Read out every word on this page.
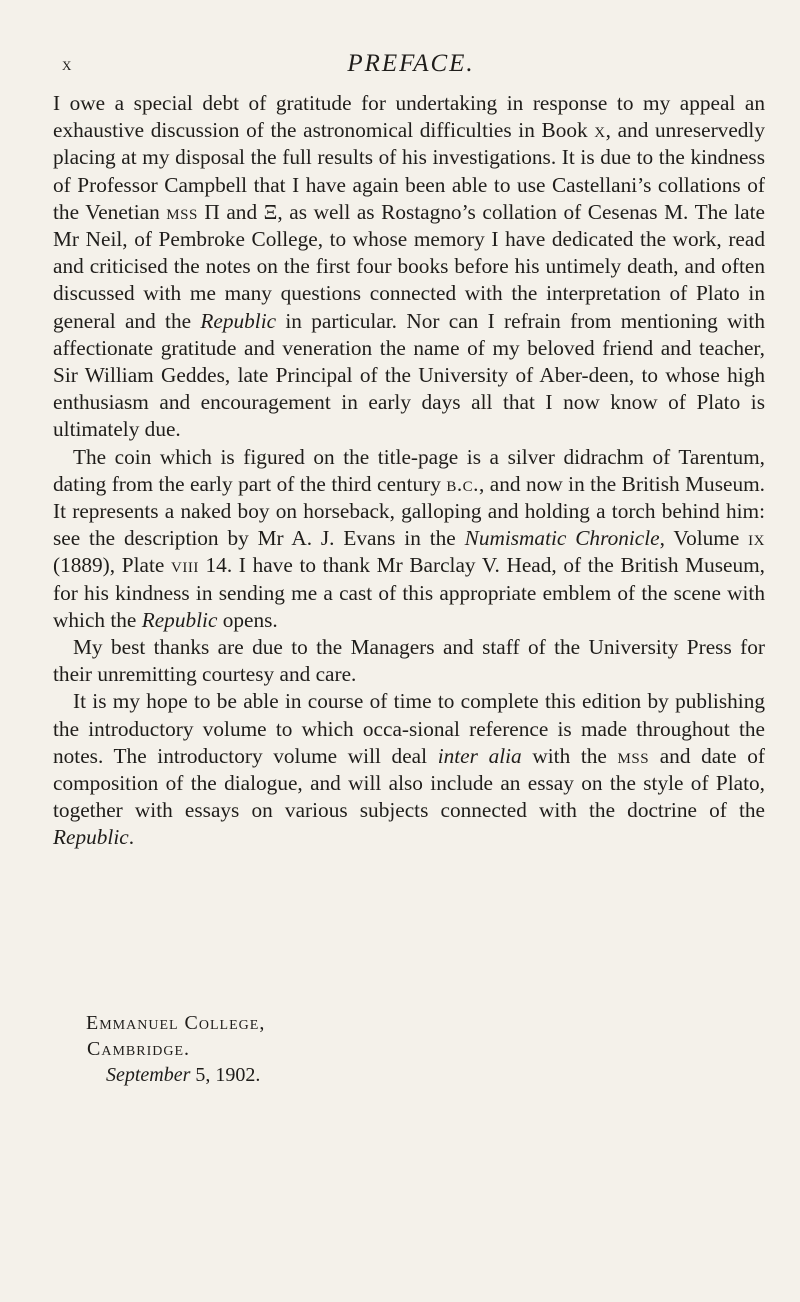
x	PREFACE.

I owe a special debt of gratitude for undertaking in response to my appeal an exhaustive discussion of the astronomical difficulties in Book x, and unreservedly placing at my disposal the full results of his investigations. It is due to the kindness of Professor Campbell that I have again been able to use Castellani’s collations of the Venetian mss Π and Ξ, as well as Rostagno’s collation of Cesenas M. The late Mr Neil, of Pembroke College, to whose memory I have dedicated the work, read and criticised the notes on the first four books before his untimely death, and often discussed with me many questions connected with the interpretation of Plato in general and the Republic in particular. Nor can I refrain from mentioning with affectionate gratitude and veneration the name of my beloved friend and teacher, Sir William Geddes, late Principal of the University of Aber-deen, to whose high enthusiasm and encouragement in early days all that I now know of Plato is ultimately due.

The coin which is figured on the title-page is a silver didrachm of Tarentum, dating from the early part of the third century b.c., and now in the British Museum. It represents a naked boy on horseback, galloping and holding a torch behind him: see the description by Mr A. J. Evans in the Numismatic Chronicle, Volume ix (1889), Plate viii 14. I have to thank Mr Barclay V. Head, of the British Museum, for his kindness in sending me a cast of this appropriate emblem of the scene with which the Republic opens.

My best thanks are due to the Managers and staff of the University Press for their unremitting courtesy and care.

It is my hope to be able in course of time to complete this edition by publishing the introductory volume to which occa-sional reference is made throughout the notes. The introductory volume will deal inter alia with the mss and date of composition of the dialogue, and will also include an essay on the style of Plato, together with essays on various subjects connected with the doctrine of the Republic.

Emmanuel College,
Cambridge.
September 5, 1902.
